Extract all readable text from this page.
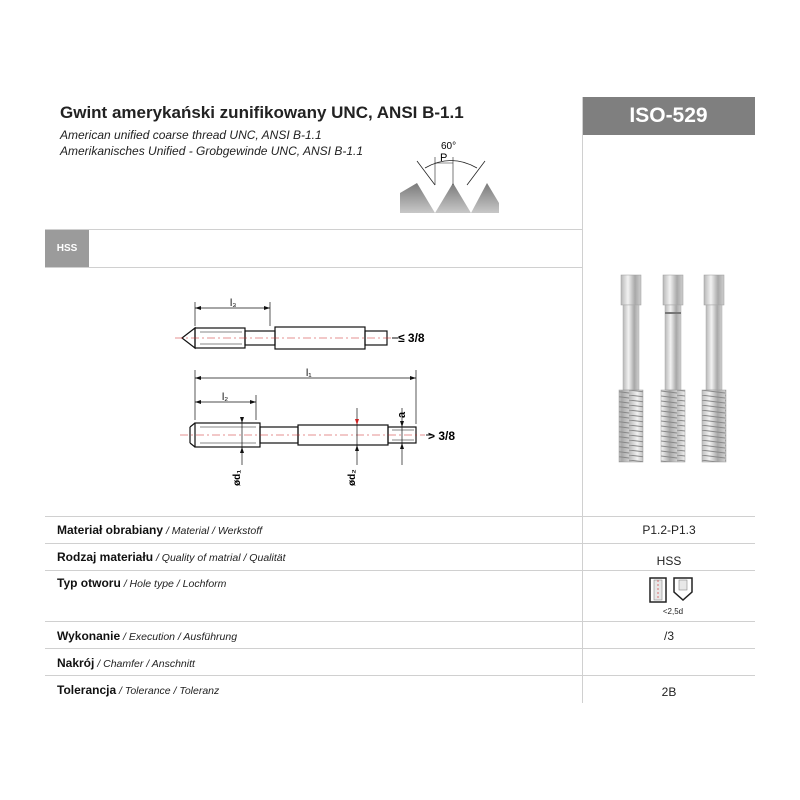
Gwint amerykański zunifikowany UNC, ANSI B-1.1
American unified coarse thread UNC, ANSI B-1.1
Amerikanisches Unified - Grobgewinde UNC, ANSI B-1.1
ISO-529
60°
P
HSS
l₃
≤ 3/8
l₁
l₂
ød₁	ød₂
a
> 3/8
Materiał obrabiany / Material / Werkstoff	P1.2-P1.3
Rodzaj materiału / Quality of matrial / Qualität	HSS
Typ otworu / Hole type / Lochform
<2,5d
Wykonanie / Execution / Ausführung	/3
Nakrój / Chamfer / Anschnitt
Tolerancja / Tolerance / Toleranz	2B
